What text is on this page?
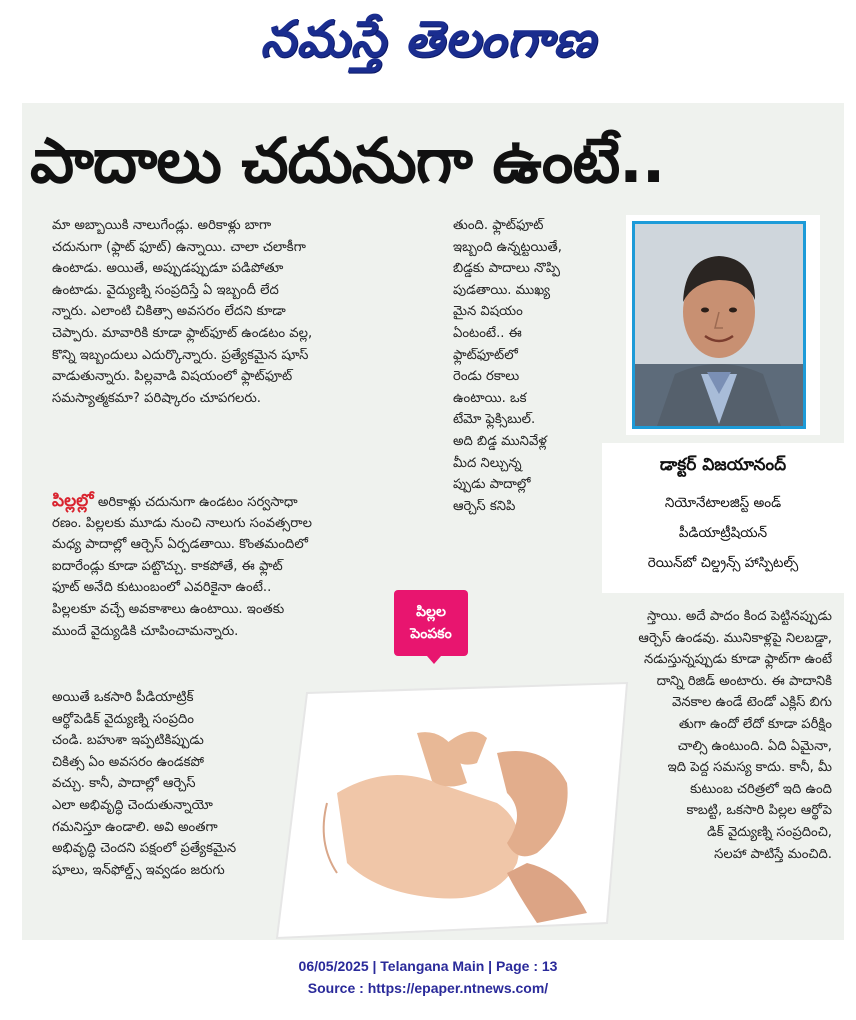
నమస్తే తెలంగాణ
పాదాలు చదునుగా ఉంటే..
మా అబ్బాయికి నాలుగేండ్లు. అరికాళ్లు బాగా
చదునుగా (ఫ్లాట్ ఫూట్) ఉన్నాయి. చాలా చలాకీగా
ఉంటాడు. అయితే, అప్పుడప్పుడూ పడిపోతూ
ఉంటాడు. వైద్యుణ్ని సంప్రదిస్తే ఏ ఇబ్బందీ లేద
న్నారు. ఎలాంటి చికిత్సా అవసరం లేదని కూడా
చెప్పారు. మావారికి కూడా ఫ్లాట్‌ఫూట్ ఉండటం వల్ల,
కొన్ని ఇబ్బందులు ఎదుర్కొన్నారు. ప్రత్యేకమైన షూస్
వాడుతున్నారు. పిల్లవాడి విషయంలో ఫ్లాట్‌ఫూట్
సమస్యాత్మకమా? పరిష్కారం చూపగలరు.
పిల్లల్లో అరికాళ్లు చదునుగా ఉండటం సర్వసాధా
రణం. పిల్లలకు మూడు నుంచి నాలుగు సంవత్సరాల
మధ్య పాదాల్లో ఆర్చెస్ ఏర్పడతాయి. కొంతమందిలో
ఐదారేండ్లు కూడా పట్టొచ్చు. కాకపోతే, ఈ ఫ్లాట్
ఫూట్ అనేది కుటుంబంలో ఎవరికైనా ఉంటే..
పిల్లలకూ వచ్చే అవకాశాలు ఉంటాయి. ఇంతకు
ముందే వైద్యుడికి చూపించామన్నారు.
అయితే ఒకసారి పీడియాట్రిక్
ఆర్థోపెడిక్ వైద్యుణ్ని సంప్రదిం
చండి. బహుశా ఇప్పటికిప్పుడు
చికిత్స ఏం అవసరం ఉండకపో
వచ్చు. కానీ, పాదాల్లో ఆర్చెస్
ఎలా అభివృద్ధి చెందుతున్నాయో
గమనిస్తూ ఉండాలి. అవి అంతగా
అభివృద్ధి చెందని పక్షంలో ప్రత్యేకమైన
షూలు, ఇన్‌ఫోల్డ్స్ ఇవ్వడం జరుగు
తుంది. ఫ్లాట్‌ఫూట్
ఇబ్బంది ఉన్నట్టయితే,
బిడ్డకు పాదాలు నొప్పి
పుడతాయి. ముఖ్య
మైన విషయం
ఏంటంటే.. ఈ
ఫ్లాట్‌ఫూట్‌లో
రెండు రకాలు
ఉంటాయి. ఒక
టేమో ఫ్లెక్సిబుల్.
అది బిడ్డ మునివేళ్ల
మీద నిల్చున్న
ప్పుడు పాదాల్లో
ఆర్చెస్ కనిపి
స్తాయి. అదే పాదం కింద పెట్టినప్పుడు
ఆర్చెస్ ఉండవు. మునికాళ్లపై నిలబడ్డా,
నడుస్తున్నప్పుడు కూడా ఫ్లాట్‌గా ఉంటే
దాన్ని రిజిడ్ అంటారు. ఈ పాదానికి
వెనకాల ఉండే టెండో ఎక్లిస్ బిగు
తుగా ఉందో లేదో కూడా పరీక్షిం
చాల్సి ఉంటుంది. ఏది ఏమైనా,
ఇది పెద్ద సమస్య కాదు. కానీ, మీ
కుటుంబ చరిత్రలో ఇది ఉంది
కాబట్టి, ఒకసారి పిల్లల ఆర్థోపె
డిక్ వైద్యుణ్ని సంప్రదించి,
సలహా పాటిస్తే మంచిది.
డాక్టర్ విజయానంద్
నియోనేటాలజిస్ట్ అండ్
పీడియాట్రీషియన్
రెయిన్‌బో చిల్డ్రన్స్ హాస్పిటల్స్
పిల్లల
పెంపకం
06/05/2025 | Telangana Main | Page : 13
Source : https://epaper.ntnews.com/
